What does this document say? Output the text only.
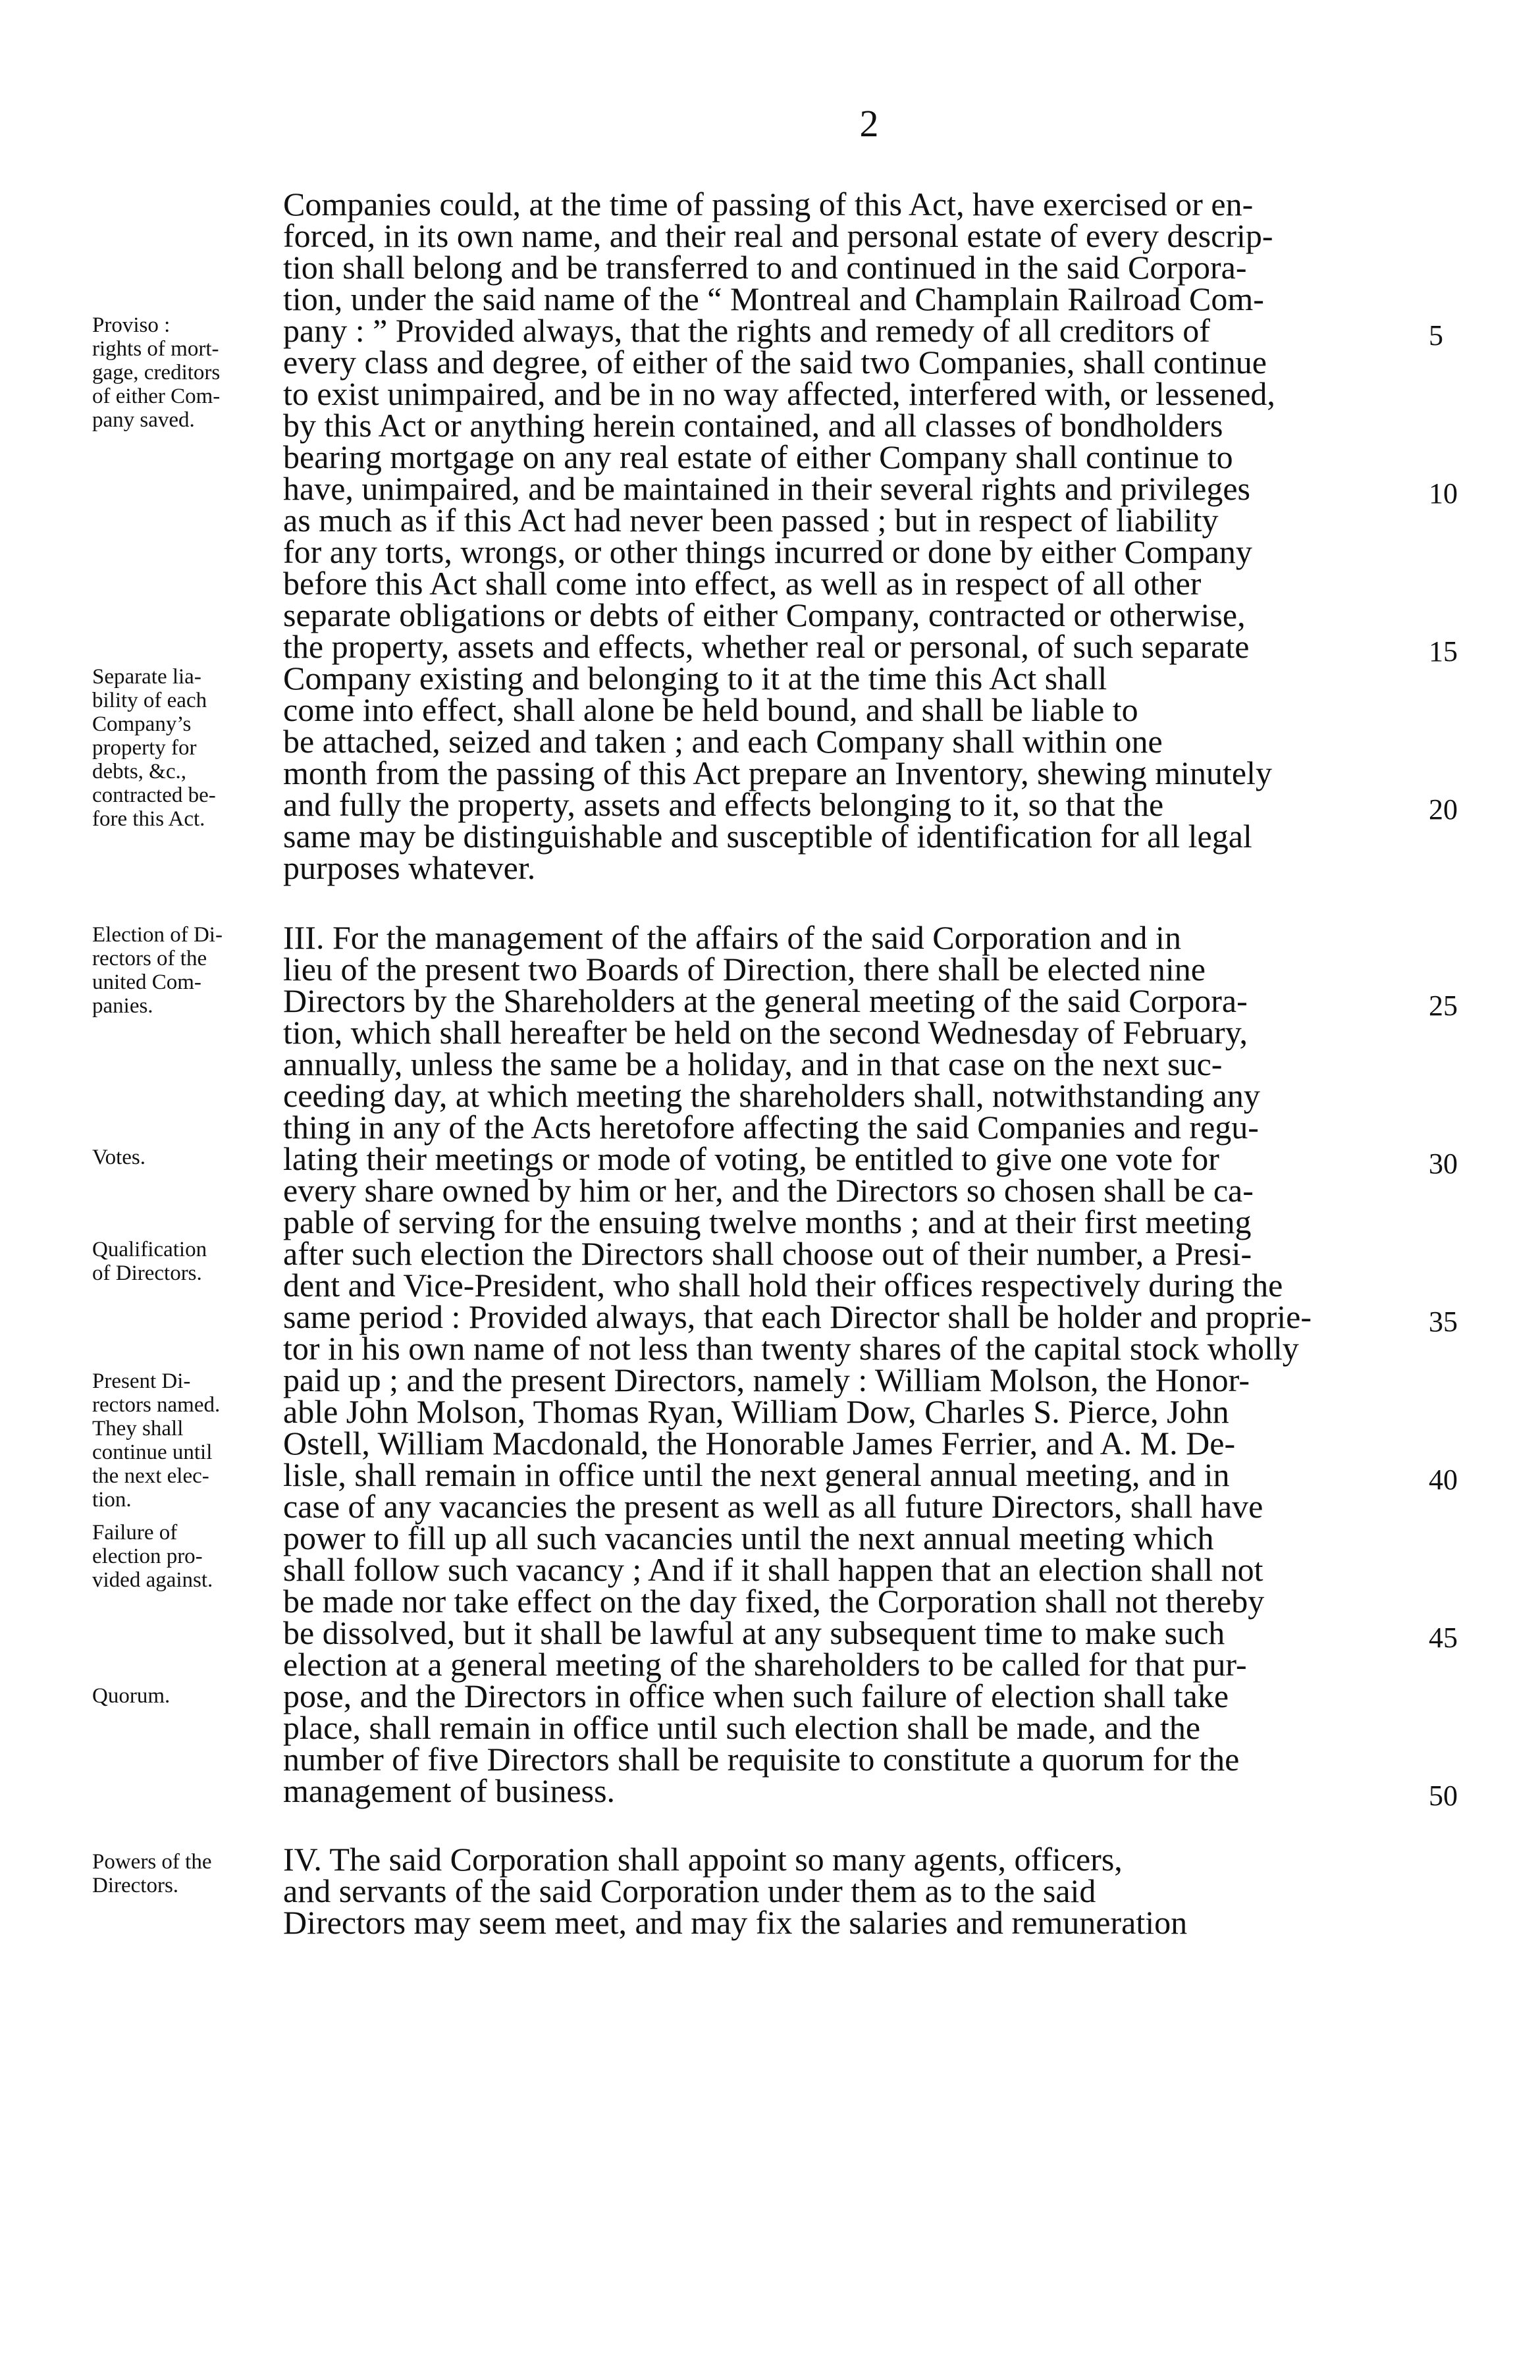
2
Companies could, at the time of passing of this Act, have exercised or en-
forced, in its own name, and their real and personal estate of every descrip-
tion shall belong and be transferred to and continued in the said Corpora-
tion, under the said name of the “ Montreal and Champlain Railroad Com-
pany : ” Provided always, that the rights and remedy of all creditors of
every class and degree, of either of the said two Companies, shall continue
to exist unimpaired, and be in no way affected, interfered with, or lessened,
by this Act or anything herein contained, and all classes of bondholders
bearing mortgage on any real estate of either Company shall continue to
have, unimpaired, and be maintained in their several rights and privileges
as much as if this Act had never been passed ; but in respect of liability
for any torts, wrongs, or other things incurred or done by either Company
before this Act shall come into effect, as well as in respect of all other
separate obligations or debts of either Company, contracted or otherwise,
the property, assets and effects, whether real or personal, of such separate
Company existing and belonging to it at the time this Act shall
come into effect, shall alone be held bound, and shall be liable to
be attached, seized and taken ; and each Company shall within one
month from the passing of this Act prepare an Inventory, shewing minutely
and fully the property, assets and effects belonging to it, so that the
same may be distinguishable and susceptible of identification for all legal
purposes whatever.
III. For the management of the affairs of the said Corporation and in
lieu of the present two Boards of Direction, there shall be elected nine
Directors by the Shareholders at the general meeting of the said Corpora-
tion, which shall hereafter be held on the second Wednesday of February,
annually, unless the same be a holiday, and in that case on the next suc-
ceeding day, at which meeting the shareholders shall, notwithstanding any
thing in any of the Acts heretofore affecting the said Companies and regu-
lating their meetings or mode of voting, be entitled to give one vote for
every share owned by him or her, and the Directors so chosen shall be ca-
pable of serving for the ensuing twelve months ; and at their first meeting
after such election the Directors shall choose out of their number, a Presi-
dent and Vice-President, who shall hold their offices respectively during the
same period : Provided always, that each Director shall be holder and proprie-
tor in his own name of not less than twenty shares of the capital stock wholly
paid up ; and the present Directors, namely : William Molson, the Honor-
able John Molson, Thomas Ryan, William Dow, Charles S. Pierce, John
Ostell, William Macdonald, the Honorable James Ferrier, and A. M. De-
lisle, shall remain in office until the next general annual meeting, and in
case of any vacancies the present as well as all future Directors, shall have
power to fill up all such vacancies until the next annual meeting which
shall follow such vacancy ; And if it shall happen that an election shall not
be made nor take effect on the day fixed, the Corporation shall not thereby
be dissolved, but it shall be lawful at any subsequent time to make such
election at a general meeting of the shareholders to be called for that pur-
pose, and the Directors in office when such failure of election shall take
place, shall remain in office until such election shall be made, and the
number of five Directors shall be requisite to constitute a quorum for the
management of business.
IV. The said Corporation shall appoint so many agents, officers,
and servants of the said Corporation under them as to the said
Directors may seem meet, and may fix the salaries and remuneration
5
10
15
20
25
30
35
40
45
50
Proviso :
rights of mort-
gage, creditors
of either Com-
pany saved.
Separate lia-
bility of each
Company’s
property for
debts, &c.,
contracted be-
fore this Act.
Election of Di-
rectors of the
united Com-
panies.
Votes.
Qualification
of Directors.
Present Di-
rectors named.
They shall
continue until
the next elec-
tion.
Failure of
election pro-
vided against.
Quorum.
Powers of the
Directors.
